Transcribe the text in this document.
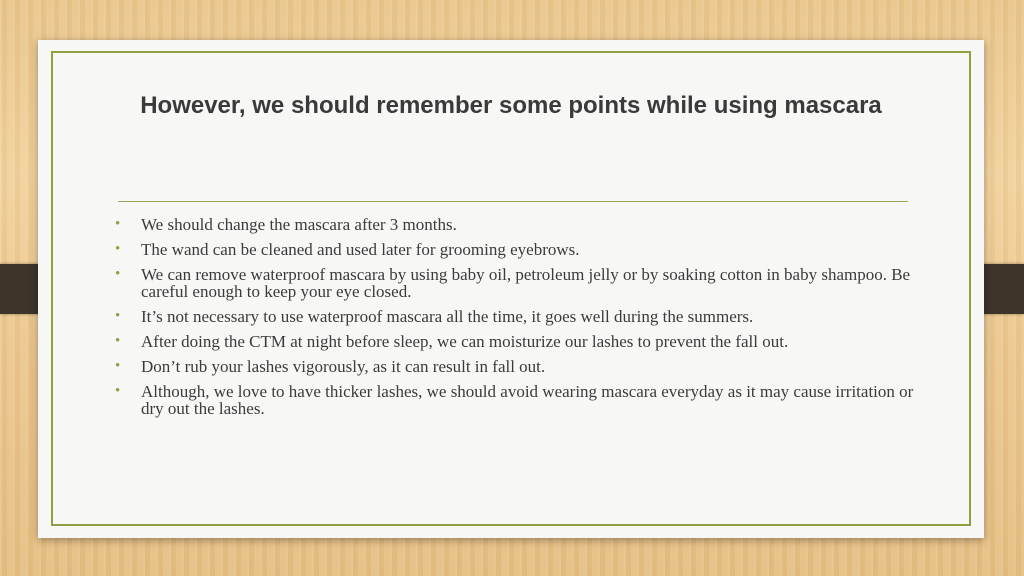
However, we should remember some points while using mascara
• We should change the mascara after 3 months.
• The wand can be cleaned and used later for grooming eyebrows.
• We can remove waterproof mascara by using baby oil, petroleum jelly or by soaking cotton in baby shampoo. Be careful enough to keep your eye closed.
• It’s not necessary to use waterproof mascara all the time, it goes well during the summers.
• After doing the CTM at night before sleep, we can moisturize our lashes to prevent the fall out.
• Don’t rub your lashes vigorously, as it can result in fall out.
• Although, we love to have thicker lashes, we should avoid wearing mascara everyday as it may cause irritation or dry out the lashes.
